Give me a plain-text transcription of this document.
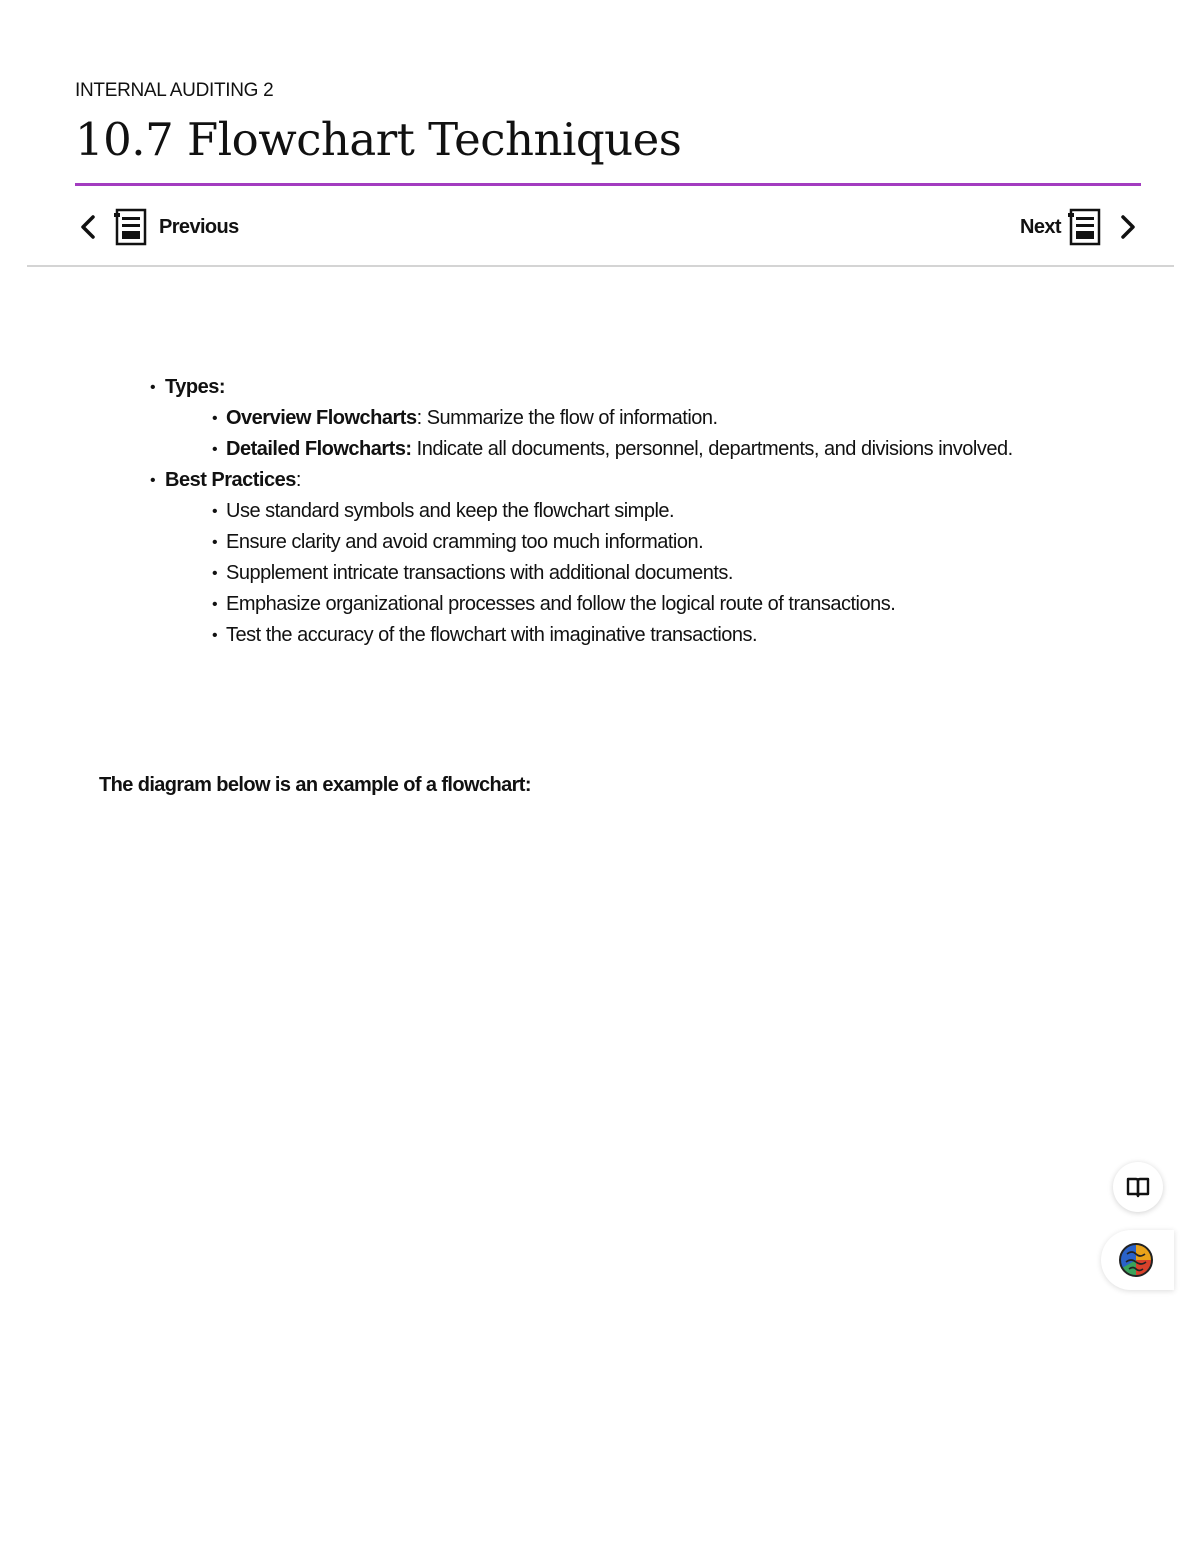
INTERNAL AUDITING 2

10.7 Flowchart Techniques
Previous	Next
• Types:
• Overview Flowcharts: Summarize the flow of information.
• Detailed Flowcharts: Indicate all documents, personnel, departments, and divisions involved.
• Best Practices:
• Use standard symbols and keep the flowchart simple.
• Ensure clarity and avoid cramming too much information.
• Supplement intricate transactions with additional documents.
• Emphasize organizational processes and follow the logical route of transactions.
• Test the accuracy of the flowchart with imaginative transactions.

The diagram below is an example of a flowchart:
